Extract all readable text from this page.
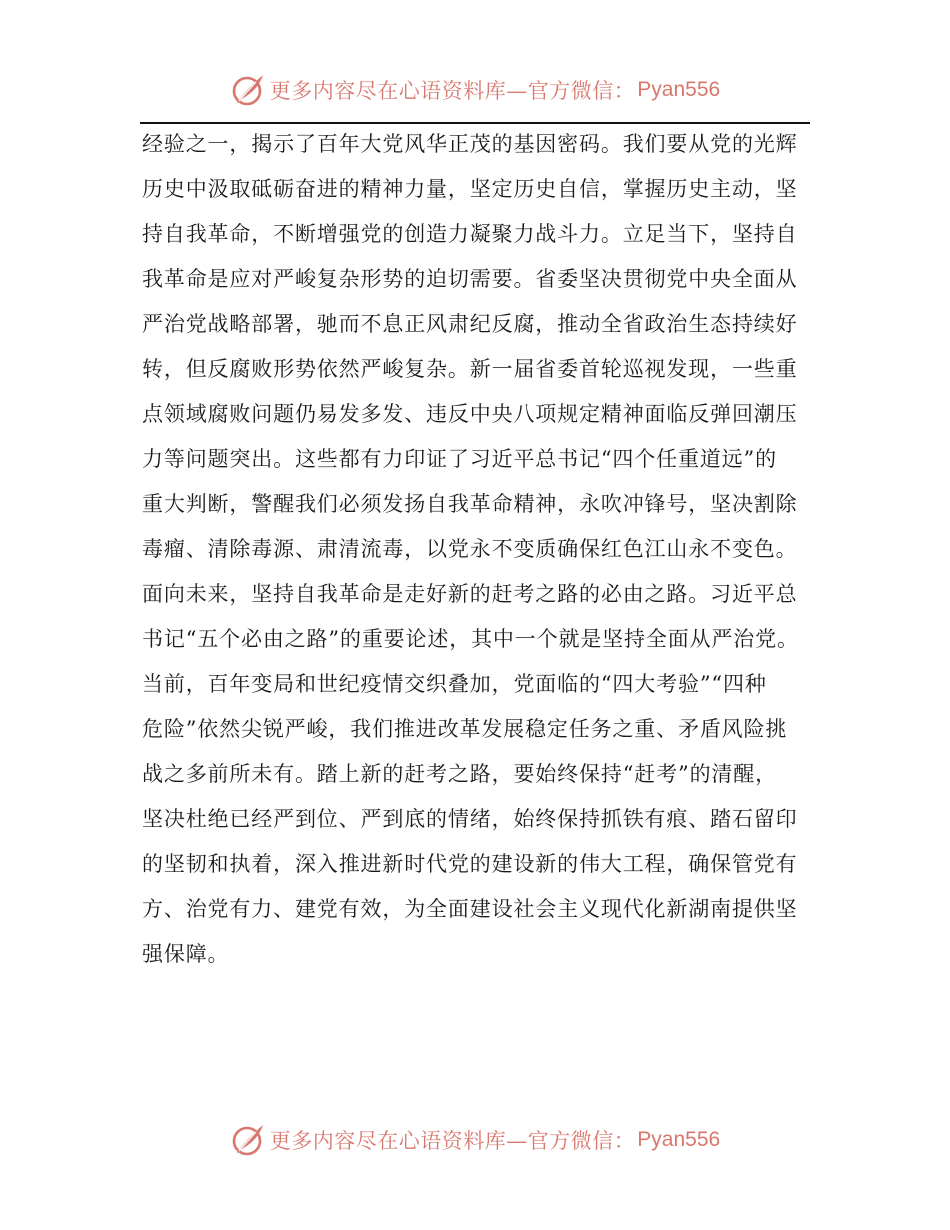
更多内容尽在心语资料库—官方微信： Pyan556
经验之一，揭示了百年大党风华正茂的基因密码。我们要从党的光辉
历史中汲取砥砺奋进的精神力量，坚定历史自信，掌握历史主动，坚
持自我革命，不断增强党的创造力凝聚力战斗力。立足当下，坚持自
我革命是应对严峻复杂形势的迫切需要。省委坚决贯彻党中央全面从
严治党战略部署，驰而不息正风肃纪反腐，推动全省政治生态持续好
转，但反腐败形势依然严峻复杂。新一届省委首轮巡视发现，一些重
点领域腐败问题仍易发多发、违反中央八项规定精神面临反弹回潮压
力等问题突出。这些都有力印证了习近平总书记“四个任重道远”的
重大判断，警醒我们必须发扬自我革命精神，永吹冲锋号，坚决割除
毒瘤、清除毒源、肃清流毒，以党永不变质确保红色江山永不变色。
面向未来，坚持自我革命是走好新的赶考之路的必由之路。习近平总
书记“五个必由之路”的重要论述，其中一个就是坚持全面从严治党。
当前，百年变局和世纪疫情交织叠加，党面临的“四大考验”“四种
危险”依然尖锐严峻，我们推进改革发展稳定任务之重、矛盾风险挑
战之多前所未有。踏上新的赶考之路，要始终保持“赶考”的清醒，
坚决杜绝已经严到位、严到底的情绪，始终保持抓铁有痕、踏石留印
的坚韧和执着，深入推进新时代党的建设新的伟大工程，确保管党有
方、治党有力、建党有效，为全面建设社会主义现代化新湖南提供坚
强保障。
更多内容尽在心语资料库—官方微信： Pyan556
